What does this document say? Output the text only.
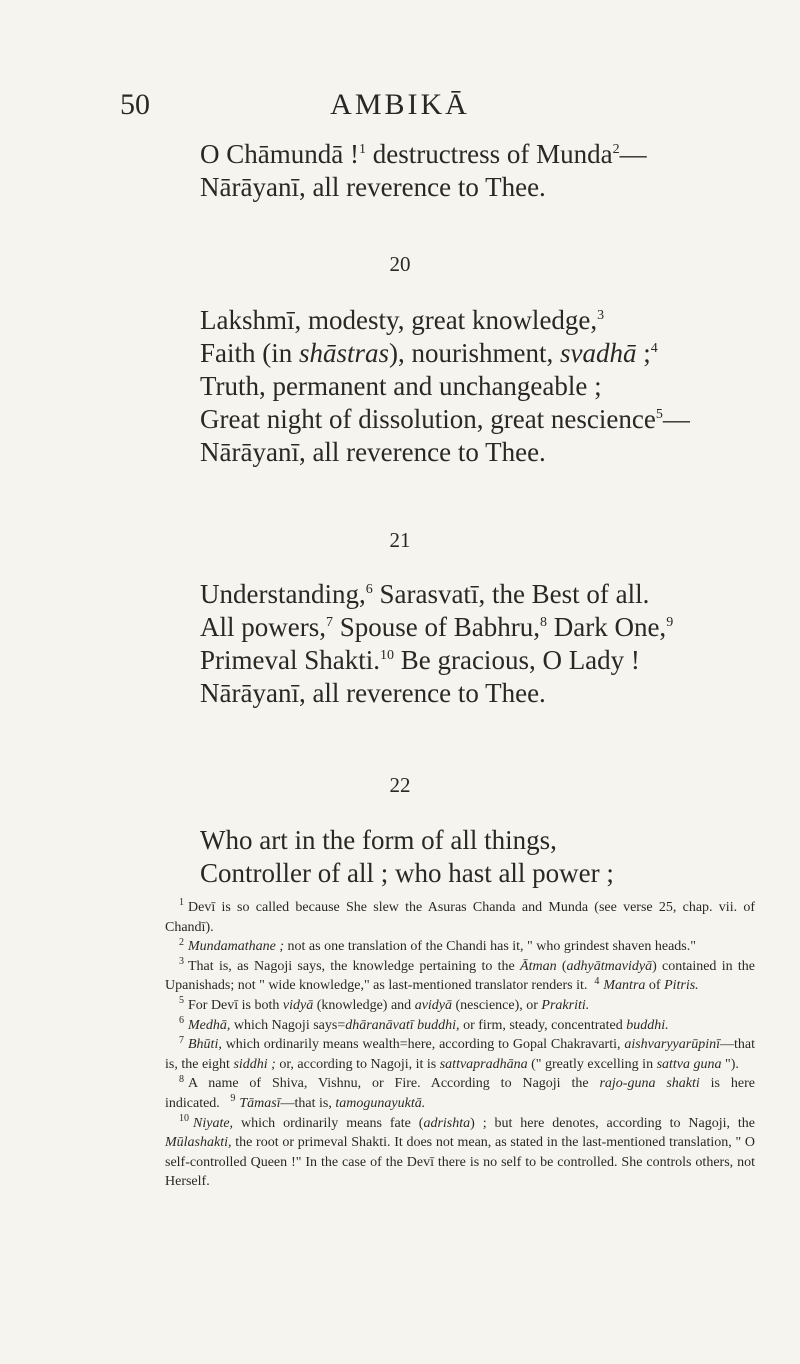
50	AMBIKĀ
O Chāmundā !$^1$ destructress of Munda$^2$—
Nārāyanī, all reverence to Thee.
20
Lakshmī, modesty, great knowledge,$^3$
Faith (in shāstras), nourishment, svadhā ;$^4$
Truth, permanent and unchangeable ;
Great night of dissolution, great nescience$^5$—
Nārāyanī, all reverence to Thee.
21
Understanding,$^6$ Sarasvatī, the Best of all.
All powers,$^7$ Spouse of Babhru,$^8$ Dark One,$^9$
Primeval Shakti.$^{10}$ Be gracious, O Lady !
Nārāyanī, all reverence to Thee.
22
Who art in the form of all things,
Controller of all ; who hast all power ;

$^1$ Devī is so called because She slew the Asuras Chanda and Munda (see verse 25, chap. vii. of Chandī).

$^2$ Mundamathane ; not as one translation of the Chandi has it, " who grindest shaven heads."

$^3$ That is, as Nagoji says, the knowledge pertaining to the Ātman (adhyātmavidyā) contained in the Upanishads; not " wide knowledge," as last-mentioned translator renders it. $^4$ Mantra of Pitris.

$^5$ For Devī is both vidyā (knowledge) and avidyā (nescience), or Prakriti.

$^6$ Medhā, which Nagoji says=dhāranāvatī buddhi, or firm, steady, concentrated buddhi.

$^7$ Bhūti, which ordinarily means wealth=here, according to Gopal Chakravarti, aishvaryyarūpinī—that is, the eight siddhi ; or, according to Nagoji, it is sattvapradhāna (" greatly excelling in sattva guna ").

$^8$ A name of Shiva, Vishnu, or Fire. According to Nagoji the rajo-guna shakti is here indicated. $^9$ Tāmasī—that is, tamogunayuktā.

$^{10}$ Niyate, which ordinarily means fate (adrishta) ; but here denotes, according to Nagoji, the Mūlashakti, the root or primeval Shakti. It does not mean, as stated in the last-mentioned translation, " O self-controlled Queen !" In the case of the Devī there is no self to be controlled. She controls others, not Herself.
